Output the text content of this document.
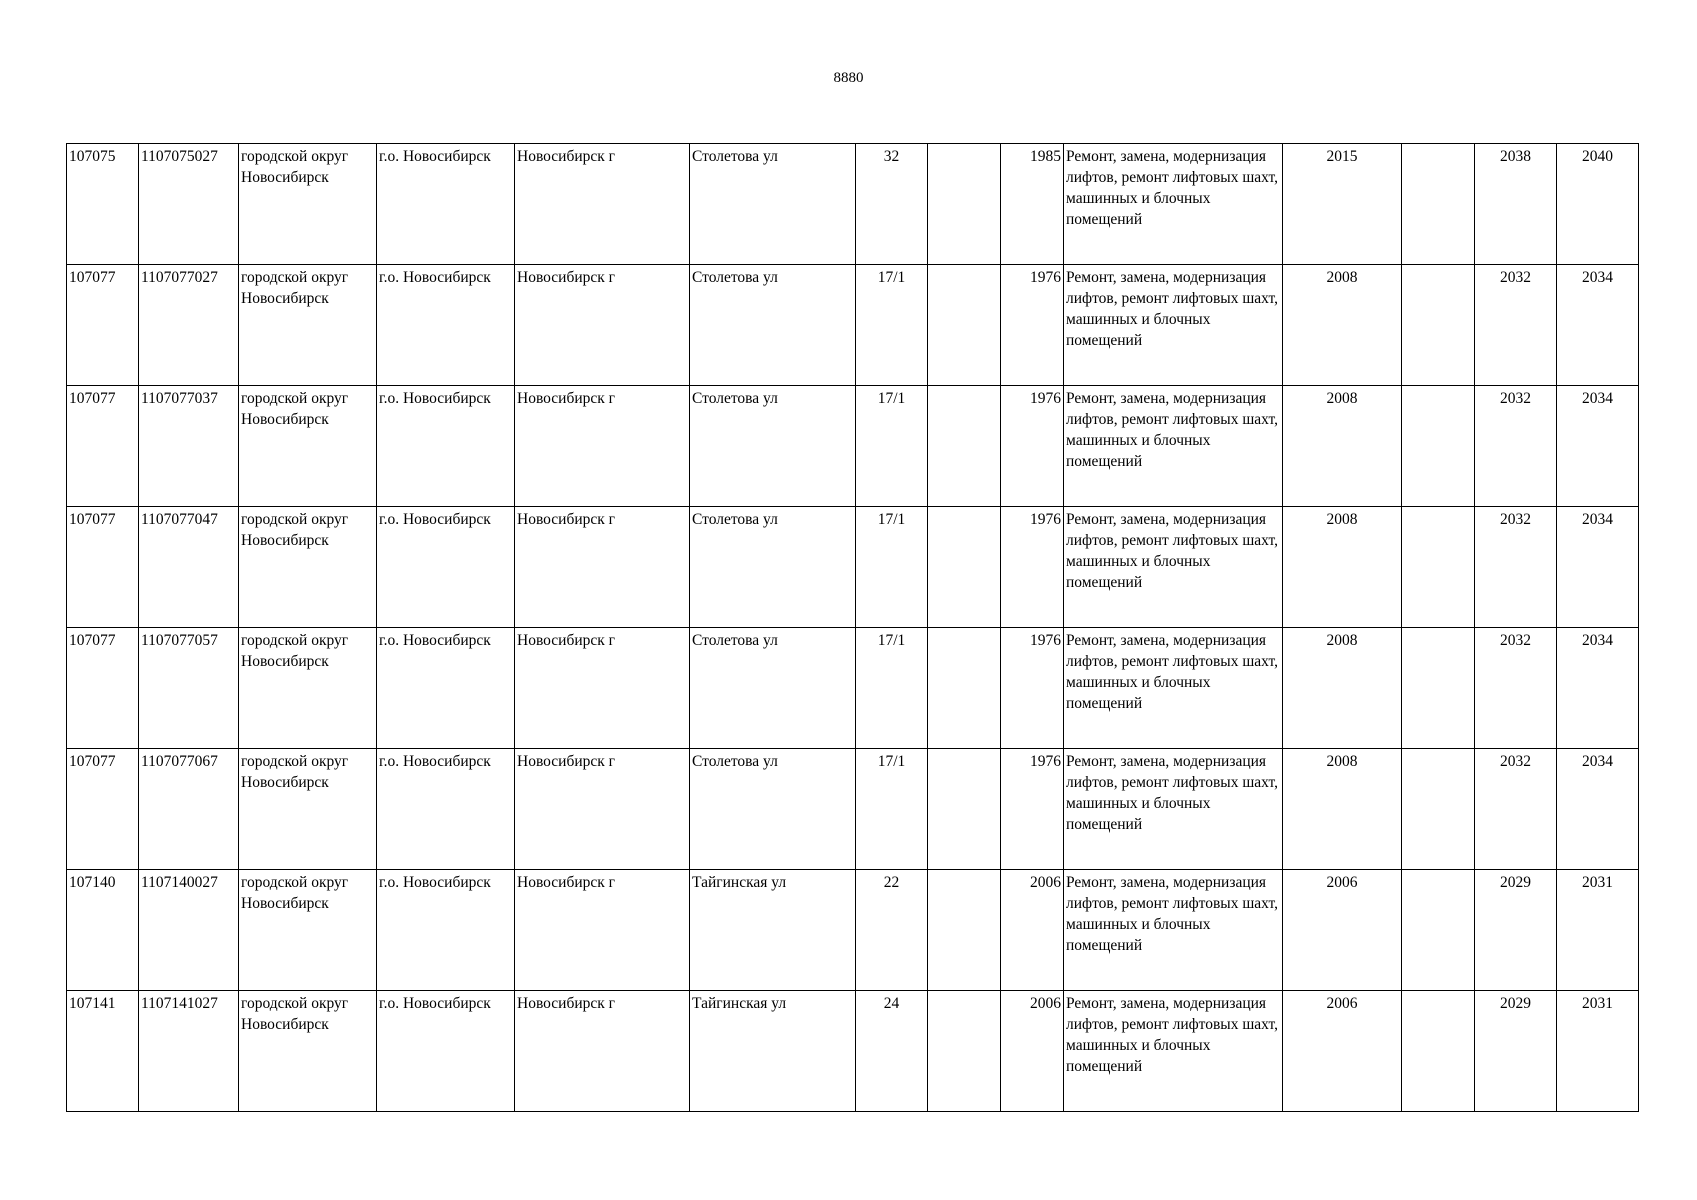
8880
107075	1107075027	городской округ Новосибирск	г.о. Новосибирск	Новосибирск г	Столетова ул	32		1985	Ремонт, замена, модернизация лифтов, ремонт лифтовых шахт, машинных и блочных помещений	2015		2038	2040
107077	1107077027	городской округ Новосибирск	г.о. Новосибирск	Новосибирск г	Столетова ул	17/1		1976	Ремонт, замена, модернизация лифтов, ремонт лифтовых шахт, машинных и блочных помещений	2008		2032	2034
107077	1107077037	городской округ Новосибирск	г.о. Новосибирск	Новосибирск г	Столетова ул	17/1		1976	Ремонт, замена, модернизация лифтов, ремонт лифтовых шахт, машинных и блочных помещений	2008		2032	2034
107077	1107077047	городской округ Новосибирск	г.о. Новосибирск	Новосибирск г	Столетова ул	17/1		1976	Ремонт, замена, модернизация лифтов, ремонт лифтовых шахт, машинных и блочных помещений	2008		2032	2034
107077	1107077057	городской округ Новосибирск	г.о. Новосибирск	Новосибирск г	Столетова ул	17/1		1976	Ремонт, замена, модернизация лифтов, ремонт лифтовых шахт, машинных и блочных помещений	2008		2032	2034
107077	1107077067	городской округ Новосибирск	г.о. Новосибирск	Новосибирск г	Столетова ул	17/1		1976	Ремонт, замена, модернизация лифтов, ремонт лифтовых шахт, машинных и блочных помещений	2008		2032	2034
107140	1107140027	городской округ Новосибирск	г.о. Новосибирск	Новосибирск г	Тайгинская ул	22		2006	Ремонт, замена, модернизация лифтов, ремонт лифтовых шахт, машинных и блочных помещений	2006		2029	2031
107141	1107141027	городской округ Новосибирск	г.о. Новосибирск	Новосибирск г	Тайгинская ул	24		2006	Ремонт, замена, модернизация лифтов, ремонт лифтовых шахт, машинных и блочных помещений	2006		2029	2031
